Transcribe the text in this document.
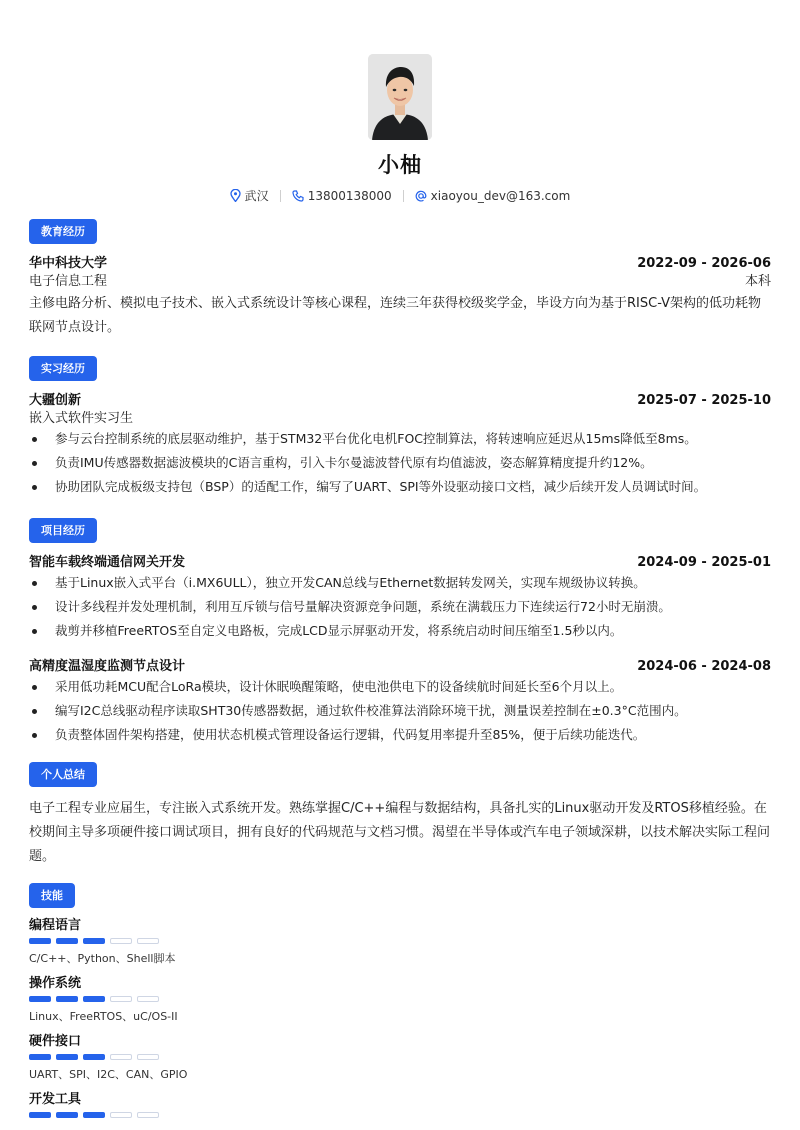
小柚
武汉	13800138000	xiaoyou_dev@163.com
教育经历
华中科技大学	2022-09 - 2026-06
电子信息工程	本科
主修电路分析、模拟电子技术、嵌入式系统设计等核心课程，连续三年获得校级奖学金，毕设方向为基于RISC-V架构的低功耗物联网节点设计。
实习经历
大疆创新	2025-07 - 2025-10
嵌入式软件实习生
参与云台控制系统的底层驱动维护，基于STM32平台优化电机FOC控制算法，将转速响应延迟从15ms降低至8ms。
负责IMU传感器数据滤波模块的C语言重构，引入卡尔曼滤波替代原有均值滤波，姿态解算精度提升约12%。
协助团队完成板级支持包（BSP）的适配工作，编写了UART、SPI等外设驱动接口文档，减少后续开发人员调试时间。
项目经历
智能车载终端通信网关开发	2024-09 - 2025-01
基于Linux嵌入式平台（i.MX6ULL），独立开发CAN总线与Ethernet数据转发网关，实现车规级协议转换。
设计多线程并发处理机制，利用互斥锁与信号量解决资源竞争问题，系统在满载压力下连续运行72小时无崩溃。
裁剪并移植FreeRTOS至自定义电路板，完成LCD显示屏驱动开发，将系统启动时间压缩至1.5秒以内。
高精度温湿度监测节点设计	2024-06 - 2024-08
采用低功耗MCU配合LoRa模块，设计休眠唤醒策略，使电池供电下的设备续航时间延长至6个月以上。
编写I2C总线驱动程序读取SHT30传感器数据，通过软件校准算法消除环境干扰，测量误差控制在±0.3°C范围内。
负责整体固件架构搭建，使用状态机模式管理设备运行逻辑，代码复用率提升至85%，便于后续功能迭代。
个人总结
电子工程专业应届生，专注嵌入式系统开发。熟练掌握C/C++编程与数据结构，具备扎实的Linux驱动开发及RTOS移植经验。在校期间主导多项硬件接口调试项目，拥有良好的代码规范与文档习惯。渴望在半导体或汽车电子领域深耕，以技术解决实际工程问题。
技能
编程语言
C/C++、Python、Shell脚本
操作系统
Linux、FreeRTOS、uC/OS-II
硬件接口
UART、SPI、I2C、CAN、GPIO
开发工具
